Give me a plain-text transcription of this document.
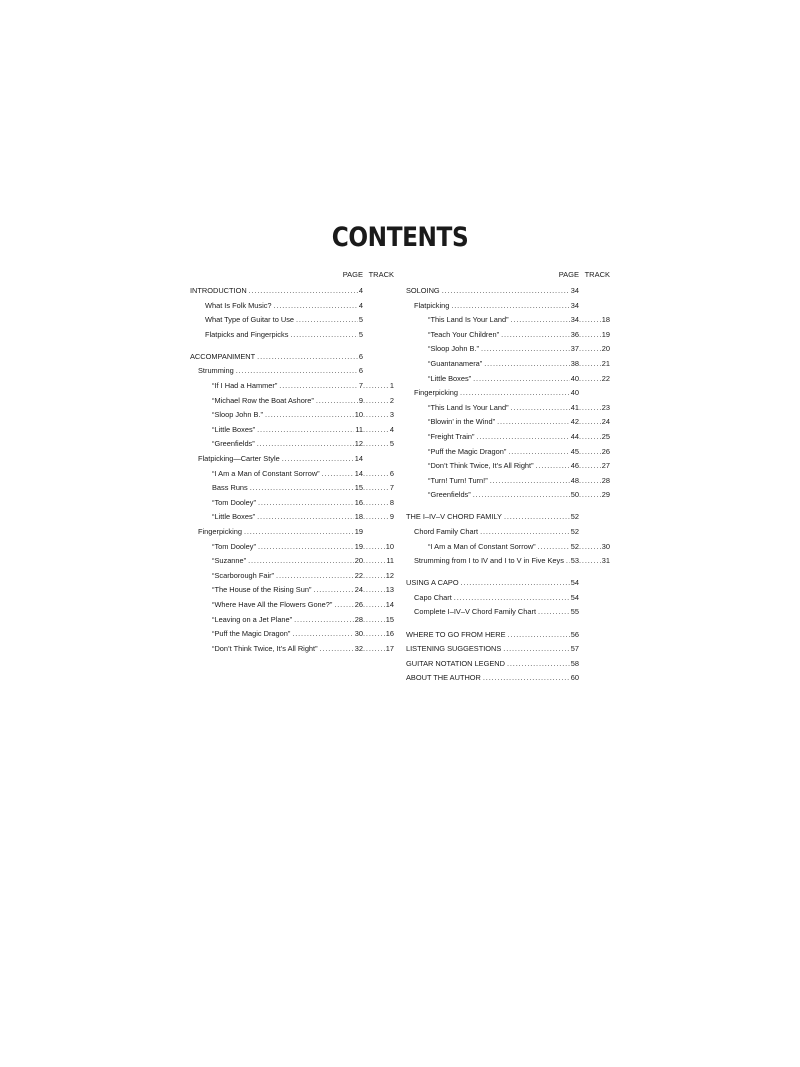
CONTENTS
PAGE TRACK
INTRODUCTION . . .	4
What Is Folk Music? . . .	4
What Type of Guitar to Use . . .	5
Flatpicks and Fingerpicks . . .	5
ACCOMPANIMENT . . .	6
Strumming . . .	6
“If I Had a Hammer” . . .	7 . . .	1
“Michael Row the Boat Ashore” . . .	9 . . .	2
“Sloop John B.” . . .	10 . . .	3
“Little Boxes” . . .	11 . . .	4
“Greenfields” . . .	12 . . .	5
Flatpicking—Carter Style . . .	14
“I Am a Man of Constant Sorrow” . . .	14 . . .	6
Bass Runs . . .	15 . . .	7
“Tom Dooley” . . .	16 . . .	8
“Little Boxes” . . .	18 . . .	9
Fingerpicking . . .	19
“Tom Dooley” . . .	19 . . .	10
“Suzanne” . . .	20 . . .	11
“Scarborough Fair” . . .	22 . . .	12
“The House of the Rising Sun” . . .	24 . . .	13
“Where Have All the Flowers Gone?” . . .	26 . . .	14
“Leaving on a Jet Plane” . . .	28 . . .	15
“Puff the Magic Dragon” . . .	30 . . .	16
“Don’t Think Twice, It’s All Right” . . .	32 . . .	17
PAGE TRACK
SOLOING . . .	34
Flatpicking . . .	34
“This Land Is Your Land” . . .	34 . . .	18
“Teach Your Children” . . .	36 . . .	19
“Sloop John B.” . . .	37 . . .	20
“Guantanamera” . . .	38 . . .	21
“Little Boxes” . . .	40 . . .	22
Fingerpicking . . .	40
“This Land Is Your Land” . . .	41 . . .	23
“Blowin’ in the Wind” . . .	42 . . .	24
“Freight Train” . . .	44 . . .	25
“Puff the Magic Dragon” . . .	45 . . .	26
“Don’t Think Twice, It’s All Right” . . .	46 . . .	27
“Turn! Turn! Turn!” . . .	48 . . .	28
“Greenfields” . . .	50 . . .	29
THE I–IV–V CHORD FAMILY . . .	52
Chord Family Chart . . .	52
“I Am a Man of Constant Sorrow” . . .	52 . . .	30
Strumming from I to IV and I to V in Five Keys . . . 53 . . .	31
USING A CAPO . . .	54
Capo Chart . . .	54
Complete I–IV–V Chord Family Chart . . .	55
WHERE TO GO FROM HERE . . .	56
LISTENING SUGGESTIONS . . .	57
GUITAR NOTATION LEGEND . . .	58
ABOUT THE AUTHOR . . .	60
